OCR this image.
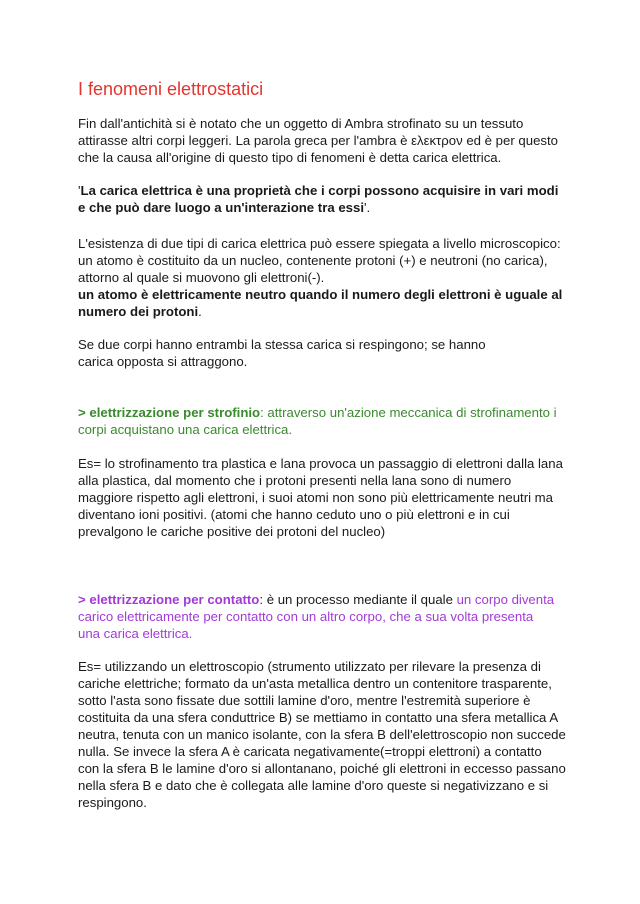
I fenomeni elettrostatici

Fin dall'antichità si è notato che un oggetto di Ambra strofinato su un tessuto
attirasse altri corpi leggeri. La parola greca per l'ambra è ελεκτρον ed è per questo
che la causa all'origine di questo tipo di fenomeni è detta carica elettrica.

'La carica elettrica è una proprietà che i corpi possono acquisire in vari modi e che può dare luogo a un'interazione tra essi'.

L'esistenza di due tipi di carica elettrica può essere spiegata a livello microscopico:
un atomo è costituito da un nucleo, contenente protoni (+) e neutroni (no carica),
attorno al quale si muovono gli elettroni(-).
un atomo è elettricamente neutro quando il numero degli elettroni è uguale al numero dei protoni.

Se due corpi hanno entrambi la stessa carica si respingono; se hanno carica opposta si attraggono.

> elettrizzazione per strofinio: attraverso un'azione meccanica di strofinamento i corpi acquistano una carica elettrica.

Es= lo strofinamento tra plastica e lana provoca un passaggio di elettroni dalla lana alla plastica, dal momento che i protoni presenti nella lana sono di numero maggiore rispetto agli elettroni, i suoi atomi non sono più elettricamente neutri ma diventano ioni positivi. (atomi che hanno ceduto uno o più elettroni e in cui prevalgono le cariche positive dei protoni del nucleo)

> elettrizzazione per contatto: è un processo mediante il quale un corpo diventa carico elettricamente per contatto con un altro corpo, che a sua volta presenta una carica elettrica.

Es= utilizzando un elettroscopio (strumento utilizzato per rilevare la presenza di cariche elettriche; formato da un'asta metallica dentro un contenitore trasparente, sotto l'asta sono fissate due sottili lamine d'oro, mentre l'estremità superiore è costituita da una sfera conduttrice B) se mettiamo in contatto una sfera metallica A neutra, tenuta con un manico isolante, con la sfera B dell'elettroscopio non succede nulla. Se invece la sfera A è caricata negativamente(=troppi elettroni) a contatto con la sfera B le lamine d'oro si allontanano, poiché gli elettroni in eccesso passano nella sfera B e dato che è collegata alle lamine d'oro queste si negativizzano e si respingono.
